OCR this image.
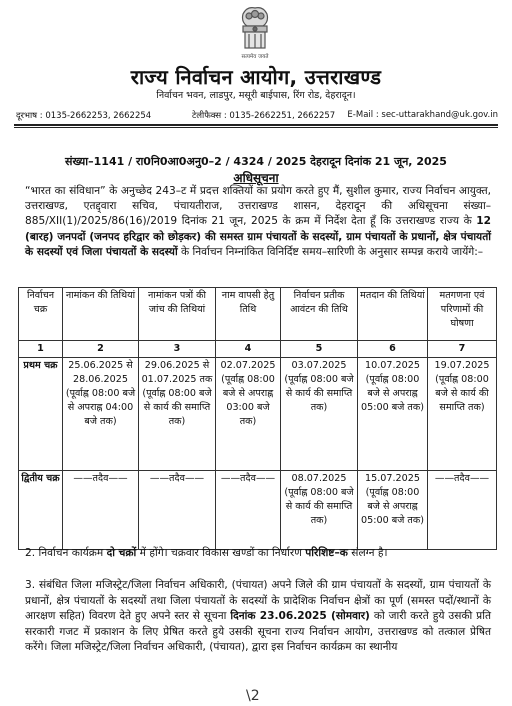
सत्यमेव जयते
राज्य निर्वाचन आयोग, उत्तराखण्ड
निर्वाचन भवन, लाडपुर, मसूरी बाईपास, रिंग रोड, देहरादून।
दूरभाष : 0135-2662253, 2662254	टेलीफैक्स : 0135-2662251, 2662257 E-Mail : sec-uttarakhand@uk.gov.in
संख्या–1141 / रा0नि0आ0अनु0–2 / 4324 / 2025 देहरादून दिनांक 21 जून, 2025
अधिसूचना
“भारत का संविधान” के अनुच्छेद 243–ट में प्रदत्त शक्तियों का प्रयोग करते हुए मैं, सुशील कुमार, राज्य निर्वाचन आयुक्त, उत्तराखण्ड, एतद्द्वारा सचिव, पंचायतीराज, उत्तराखण्ड शासन, देहरादून की अधिसूचना संख्या–885/XII(1)/2025/86(16)/2019 दिनांक 21 जून, 2025 के क्रम में निर्देश देता हूँ कि उत्तराखण्ड राज्य के 12 (बारह) जनपदों (जनपद हरिद्वार को छोड़कर) की समस्त ग्राम पंचायतों के सदस्यों, ग्राम पंचायतों के प्रधानों, क्षेत्र पंचायतों के सदस्यों एवं जिला पंचायतों के सदस्यों के निर्वाचन निम्नांकित विनिर्दिष्ट समय–सारिणी के अनुसार सम्पन्न कराये जायेंगे:–
निर्वाचन चक्र	नामांकन की तिथियां	नामांकन पत्रों की जांच की तिथियां	नाम वापसी हेतु तिथि	निर्वाचन प्रतीक आवंटन की तिथि	मतदान की तिथियां	मतगणना एवं परिणामों की घोषणा
1	2	3	4	5	6	7
प्रथम चक्र	25.06.2025 से 28.06.2025 (पूर्वाह्न 08:00 बजे से अपराह्न 04:00 बजे तक)	29.06.2025 से 01.07.2025 तक (पूर्वाह्न 08:00 बजे से कार्य की समाप्ति तक)	02.07.2025 (पूर्वाह्न 08:00 बजे से अपराह्न 03:00 बजे तक)	03.07.2025 (पूर्वाह्न 08:00 बजे से कार्य की समाप्ति तक)	10.07.2025 (पूर्वाह्न 08:00 बजे से अपराह्न 05:00 बजे तक)	19.07.2025 (पूर्वाह्न 08:00 बजे से कार्य की समाप्ति तक)
द्वितीय चक्र	——तदैव——	——तदैव——	——तदैव——	08.07.2025 (पूर्वाह्न 08:00 बजे से कार्य की समाप्ति तक)	15.07.2025 (पूर्वाह्न 08:00 बजे से अपराह्न 05:00 बजे तक)	——तदैव——
2. निर्वाचन कार्यक्रम दो चक्रों में होंगे। चक्रवार विकास खण्डों का निर्धारण परिशिष्ट–क संलग्न है।
3. संबंधित जिला मजिस्ट्रेट/जिला निर्वाचन अधिकारी, (पंचायत) अपने जिले की ग्राम पंचायतों के सदस्यों, ग्राम पंचायतों के प्रधानों, क्षेत्र पंचायतों के सदस्यों तथा जिला पंचायतों के सदस्यों के प्रादेशिक निर्वाचन क्षेत्रों का पूर्ण (समस्त पदों/स्थानों के आरक्षण सहित) विवरण देते हुए अपने स्तर से सूचना दिनांक 23.06.2025 (सोमवार) को जारी करते हुये उसकी प्रति सरकारी गजट में प्रकाशन के लिए प्रेषित करते हुये उसकी सूचना राज्य निर्वाचन आयोग, उत्तराखण्ड को तत्काल प्रेषित करेंगे। जिला मजिस्ट्रेट/जिला निर्वाचन अधिकारी, (पंचायत), द्वारा इस निर्वाचन कार्यक्रम का स्थानीय
\2
